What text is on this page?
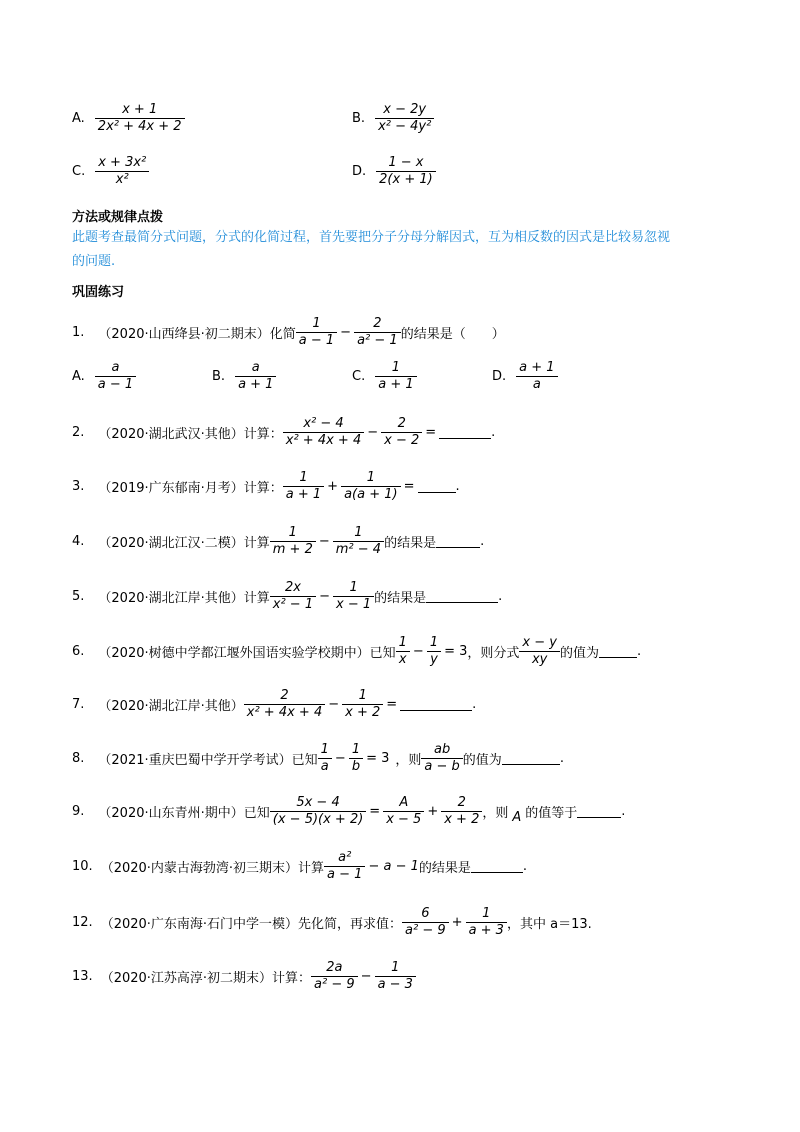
A. $\frac{x + 1}{\text{2x² + 4x + 2}}$	B. $\frac{x - 2y}{\text{x² − 4y²}}$
C. $\frac{\text{x + 3x²}}{\text{x²}}$	D. $\frac{1 - x}{2(x + 1)}$
方法或规律点拨
此题考查最简分式问题，分式的化简过程，首先要把分子分母分解因式，互为相反数的因式是比较易忽视
的问题.
巩固练习
1. （2020·山西绛县·初二期末）化简 $\frac{1}{a - 1} - \frac{2}{\text{a² − 1}}$ 的结果是（　　）
A. $\frac{a}{a - 1}$	B. $\frac{a}{a + 1}$	C. $\frac{1}{a + 1}$	D. $\frac{a + 1}{a}$
2. （2020·湖北武汉·其他）计算： $\frac{\text{x² − 4}}{\text{x² + 4x + 4}} - \frac{2}{x - 2}$ =	.
3. （2019·广东郁南·月考）计算： $\frac{1}{a + 1} + \frac{1}{a(a + 1)}$ =	.
4. （2020·湖北江汉·二模）计算 $\frac{1}{m + 2} - \frac{1}{\text{m² − 4}}$ 的结果是	.
5. （2020·湖北江岸·其他）计算 $\frac{2x}{\text{x² − 1}} - \frac{1}{x - 1}$ 的结果是	.
6. （2020·树德中学都江堰外国语实验学校期中）已知 $\frac{1}{x} - \frac{1}{y} = 3$ ，则分式 $\frac{x - y}{xy}$ 的值为	.
7. （2020·湖北江岸·其他） $\frac{2}{\text{x² + 4x + 4}} - \frac{1}{x + 2}$ =	.
8. （2021·重庆巴蜀中学开学考试）已知 $\frac{1}{a} - \frac{1}{b} = 3$ ，则 $\frac{ab}{a - b}$ 的值为	.
9. （2020·山东青州·期中）已知 $\frac{5x - 4}{(x - 5)(x + 2)} = \frac{A}{x - 5} + \frac{2}{x + 2}$ ，则 A 的值等于	.
10. （2020·内蒙古海勃湾·初三期末）计算 $\frac{\text{a²}}{a - 1} - a - 1$ 的结果是	.
12. （2020·广东南海·石门中学一模）先化简，再求值： $\frac{6}{\text{a² − 9}} + \frac{1}{a + 3}$ ，其中 a＝13.
13. （2020·江苏高淳·初二期末）计算： $\frac{2a}{\text{a² − 9}} - \frac{1}{a - 3}$
